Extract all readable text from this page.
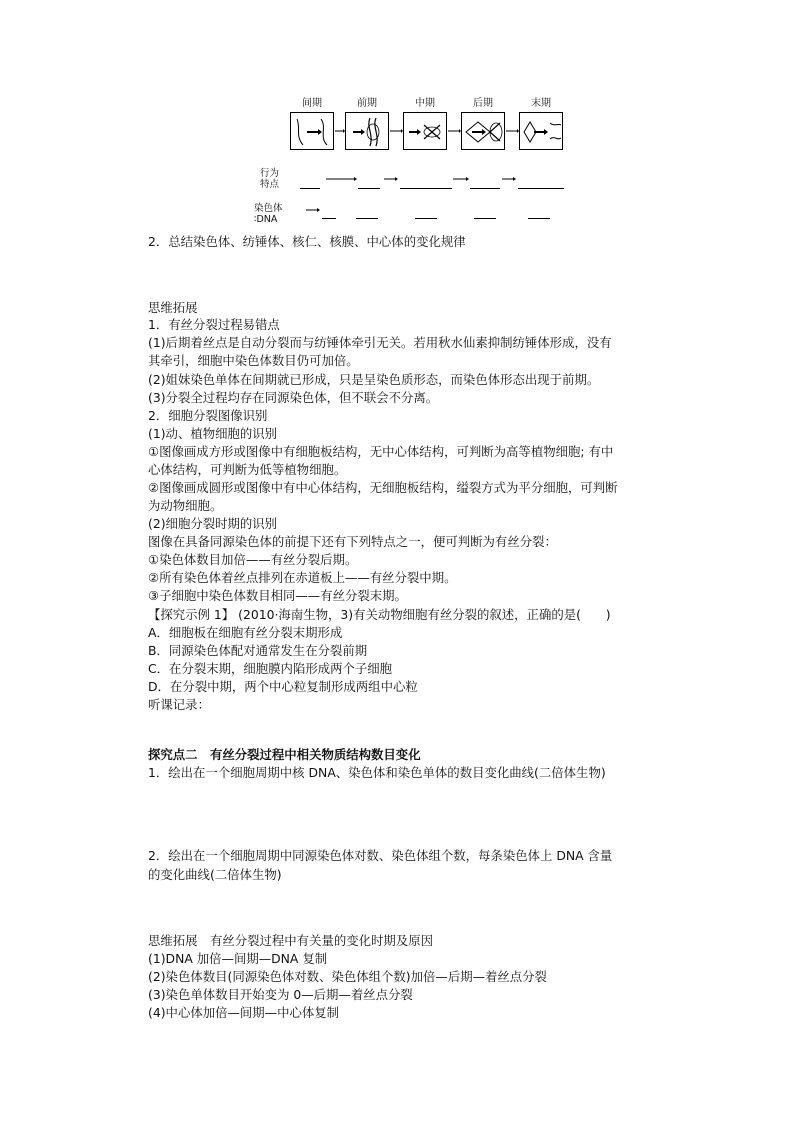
间期	前期	中期	后期	末期
行为
特点
染色体
∶DNA
2．总结染色体、纺锤体、核仁、核膜、中心体的变化规律
思维拓展
1．有丝分裂过程易错点
(1)后期着丝点是自动分裂而与纺锤体牵引无关。若用秋水仙素抑制纺锤体形成，没有
其牵引，细胞中染色体数目仍可加倍。
(2)姐妹染色单体在间期就已形成，只是呈染色质形态，而染色体形态出现于前期。
(3)分裂全过程均存在同源染色体，但不联会不分离。
2．细胞分裂图像识别
(1)动、植物细胞的识别
①图像画成方形或图像中有细胞板结构，无中心体结构，可判断为高等植物细胞; 有中
心体结构，可判断为低等植物细胞。
②图像画成圆形或图像中有中心体结构，无细胞板结构，缢裂方式为平分细胞，可判断
为动物细胞。
(2)细胞分裂时期的识别
图像在具备同源染色体的前提下还有下列特点之一，便可判断为有丝分裂：
①染色体数目加倍——有丝分裂后期。
②所有染色体着丝点排列在赤道板上——有丝分裂中期。
③子细胞中染色体数目相同——有丝分裂末期。
【探究示例 1】 (2010·海南生物，3)有关动物细胞有丝分裂的叙述，正确的是(　　)
A．细胞板在细胞有丝分裂末期形成
B．同源染色体配对通常发生在分裂前期
C．在分裂末期，细胞膜内陷形成两个子细胞
D．在分裂中期，两个中心粒复制形成两组中心粒
听课记录：
探究点二　有丝分裂过程中相关物质结构数目变化
1．绘出在一个细胞周期中核 DNA、染色体和染色单体的数目变化曲线(二倍体生物)
2．绘出在一个细胞周期中同源染色体对数、染色体组个数，每条染色体上 DNA 含量
的变化曲线(二倍体生物)
思维拓展　有丝分裂过程中有关量的变化时期及原因
(1)DNA 加倍—间期—DNA 复制
(2)染色体数目(同源染色体对数、染色体组个数)加倍—后期—着丝点分裂
(3)染色单体数目开始变为 0—后期—着丝点分裂
(4)中心体加倍—间期—中心体复制
